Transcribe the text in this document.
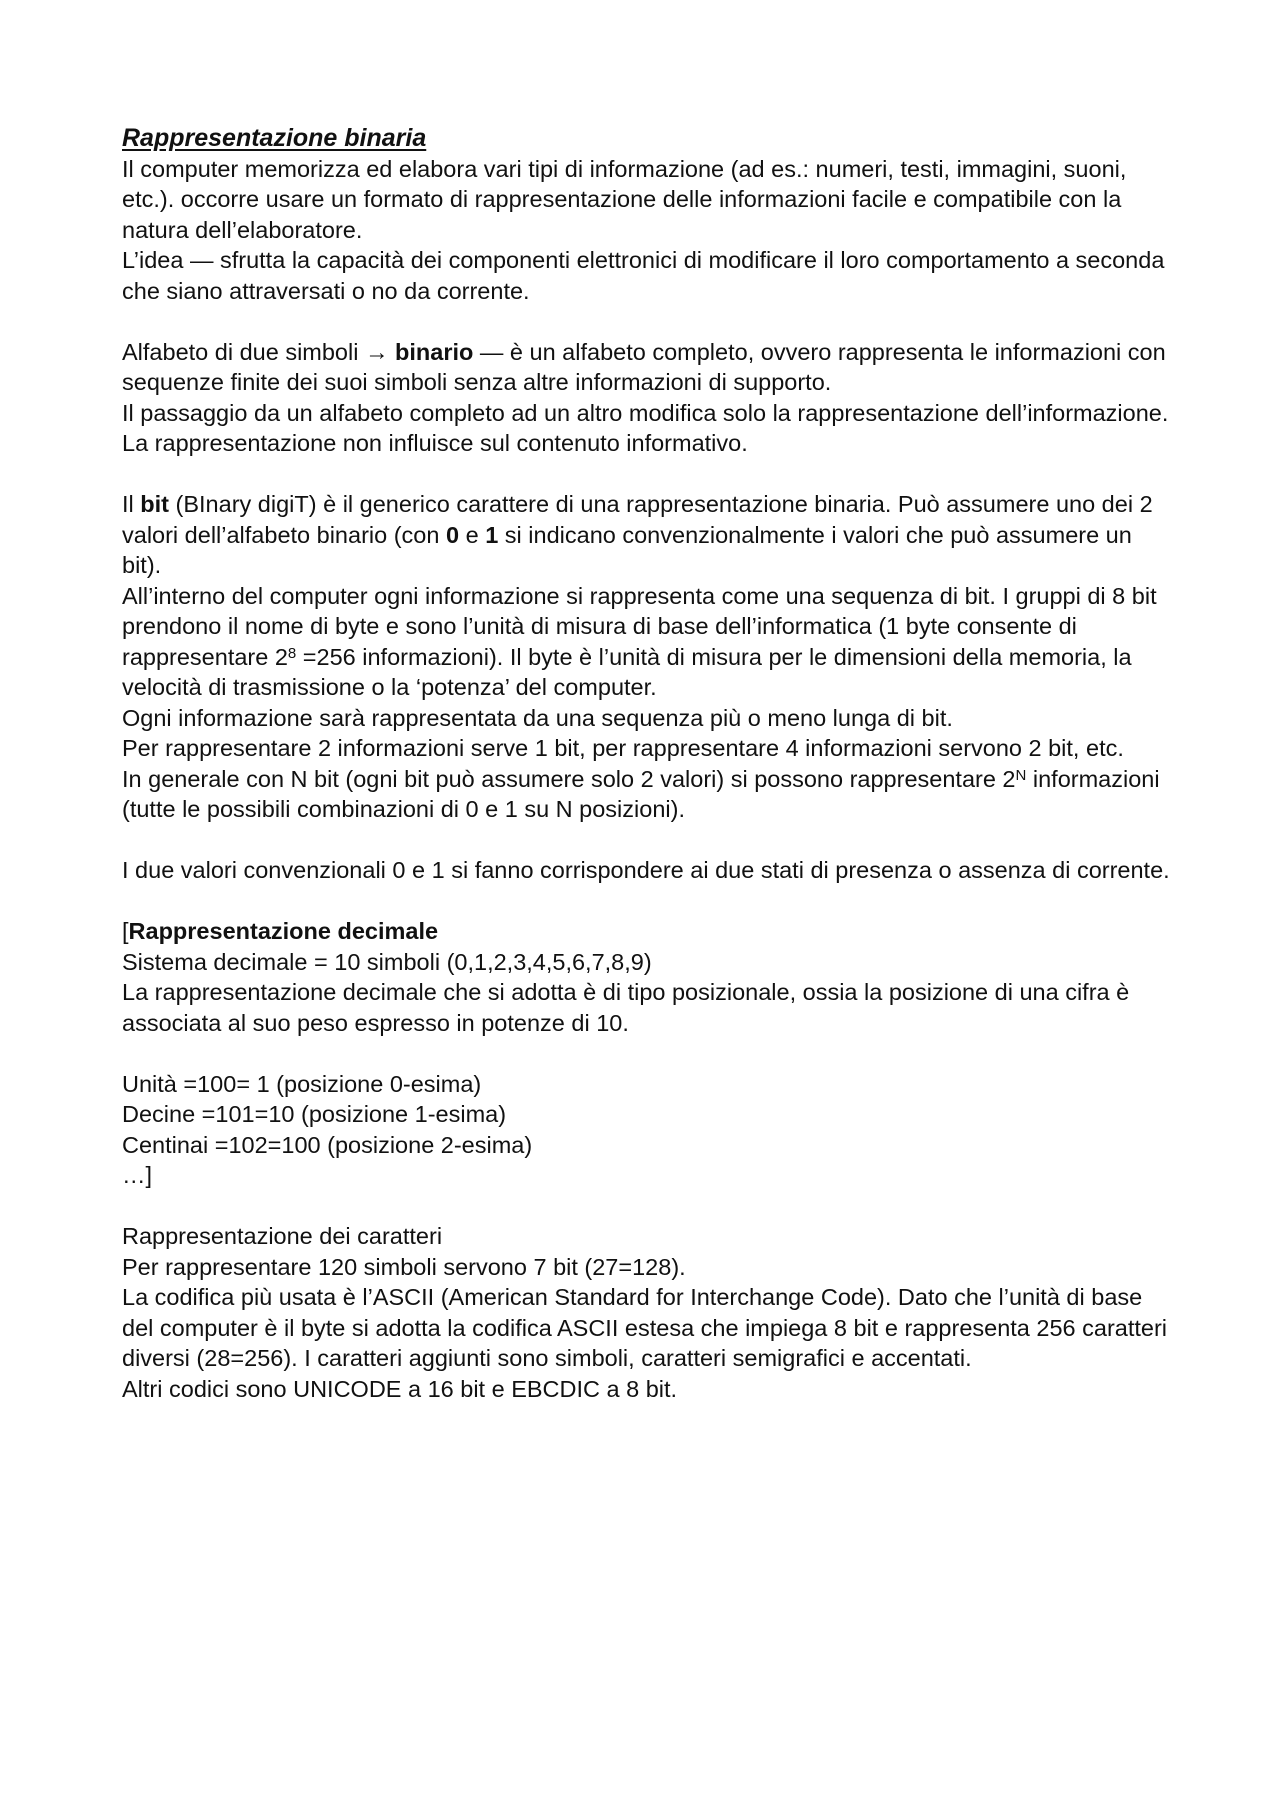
Rappresentazione binaria

Il computer memorizza ed elabora vari tipi di informazione (ad es.: numeri, testi, immagini, suoni, etc.). occorre usare un formato di rappresentazione delle informazioni facile e compatibile con la natura dell’elaboratore.

L’idea — sfrutta la capacità dei componenti elettronici di modificare il loro comportamento a seconda che siano attraversati o no da corrente.

Alfabeto di due simboli → binario — è un alfabeto completo, ovvero rappresenta le informazioni con sequenze finite dei suoi simboli senza altre informazioni di supporto.

Il passaggio da un alfabeto completo ad un altro modifica solo la rappresentazione dell’informazione. La rappresentazione non influisce sul contenuto informativo.

Il bit (BInary digiT) è il generico carattere di una rappresentazione binaria. Può assumere uno dei 2 valori dell’alfabeto binario (con 0 e 1 si indicano convenzionalmente i valori che può assumere un bit).

All’interno del computer ogni informazione si rappresenta come una sequenza di bit. I gruppi di 8 bit prendono il nome di byte e sono l’unità di misura di base dell’informatica (1 byte consente di rappresentare $2^8 =256$ informazioni). Il byte è l’unità di misura per le dimensioni della memoria, la velocità di trasmissione o la ‘potenza’ del computer.

Ogni informazione sarà rappresentata da una sequenza più o meno lunga di bit.

Per rappresentare 2 informazioni serve 1 bit, per rappresentare 4 informazioni servono 2 bit, etc.

In generale con N bit (ogni bit può assumere solo 2 valori) si possono rappresentare $2^N$ informazioni (tutte le possibili combinazioni di 0 e 1 su N posizioni).

I due valori convenzionali 0 e 1 si fanno corrispondere ai due stati di presenza o assenza di corrente.

[Rappresentazione decimale

Sistema decimale = 10 simboli (0,1,2,3,4,5,6,7,8,9)

La rappresentazione decimale che si adotta è di tipo posizionale, ossia la posizione di una cifra è associata al suo peso espresso in potenze di 10.

Unità =100= 1 (posizione 0-esima)

Decine =101=10 (posizione 1-esima)

Centinai =102=100 (posizione 2-esima)

…]

Rappresentazione dei caratteri

Per rappresentare 120 simboli servono 7 bit (27=128).

La codifica più usata è l’ASCII (American Standard for Interchange Code). Dato che l’unità di base del computer è il byte si adotta la codifica ASCII estesa che impiega 8 bit e rappresenta 256 caratteri diversi (28=256). I caratteri aggiunti sono simboli, caratteri semigrafici e accentati.

Altri codici sono UNICODE a 16 bit e EBCDIC a 8 bit.
